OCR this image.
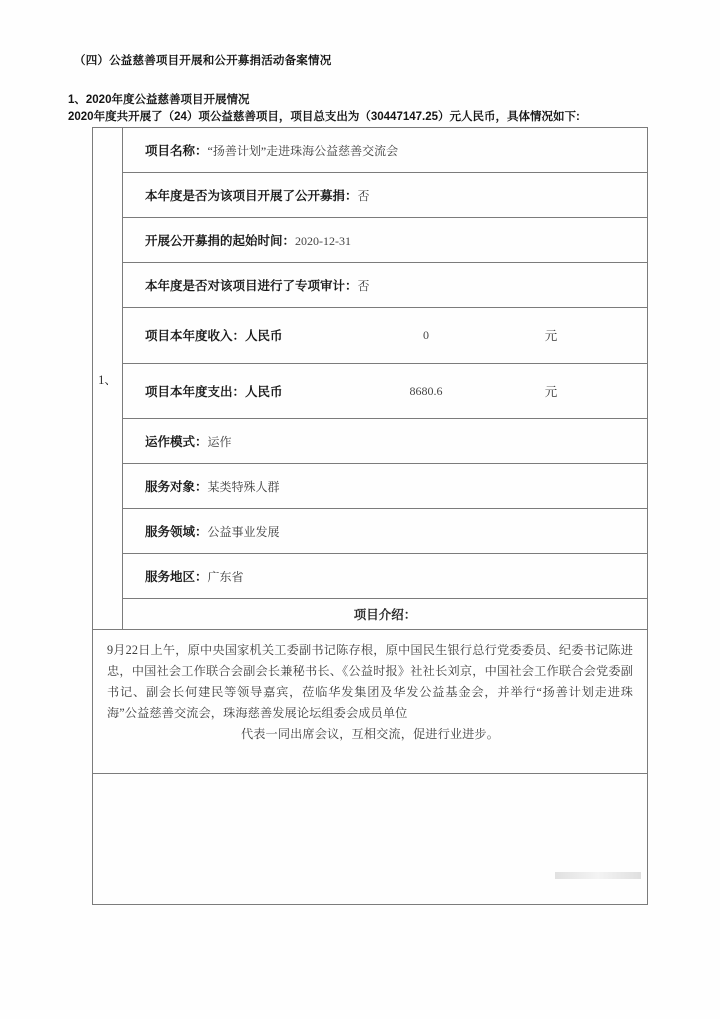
（四）公益慈善项目开展和公开募捐活动备案情况
1、2020年度公益慈善项目开展情况
2020年度共开展了（24）项公益慈善项目，项目总支出为（30447147.25）元人民币，具体情况如下:
1、	项目名称：“扬善计划”走进珠海公益慈善交流会
本年度是否为该项目开展了公开募捐：否
开展公开募捐的起始时间：2020-12-31
本年度是否对该项目进行了专项审计：否

项目本年度收入：人民币	0	元

项目本年度支出：人民币	8680.6	元

运作模式：运作
服务对象：某类特殊人群
服务领域：公益事业发展
服务地区：广东省
项目介绍：

9月22日上午，原中央国家机关工委副书记陈存根，原中国民生银行总行党委委员、纪委书记陈进忠，中国社会工作联合会副会长兼秘书长、《公益时报》社社长刘京，中国社会工作联合会党委副书记、副会长何建民等领导嘉宾，莅临华发集团及华发公益基金会，并举行“扬善计划走进珠海”公益慈善交流会，珠海慈善发展论坛组委会成员单位
代表一同出席会议，互相交流，促进行业进步。
